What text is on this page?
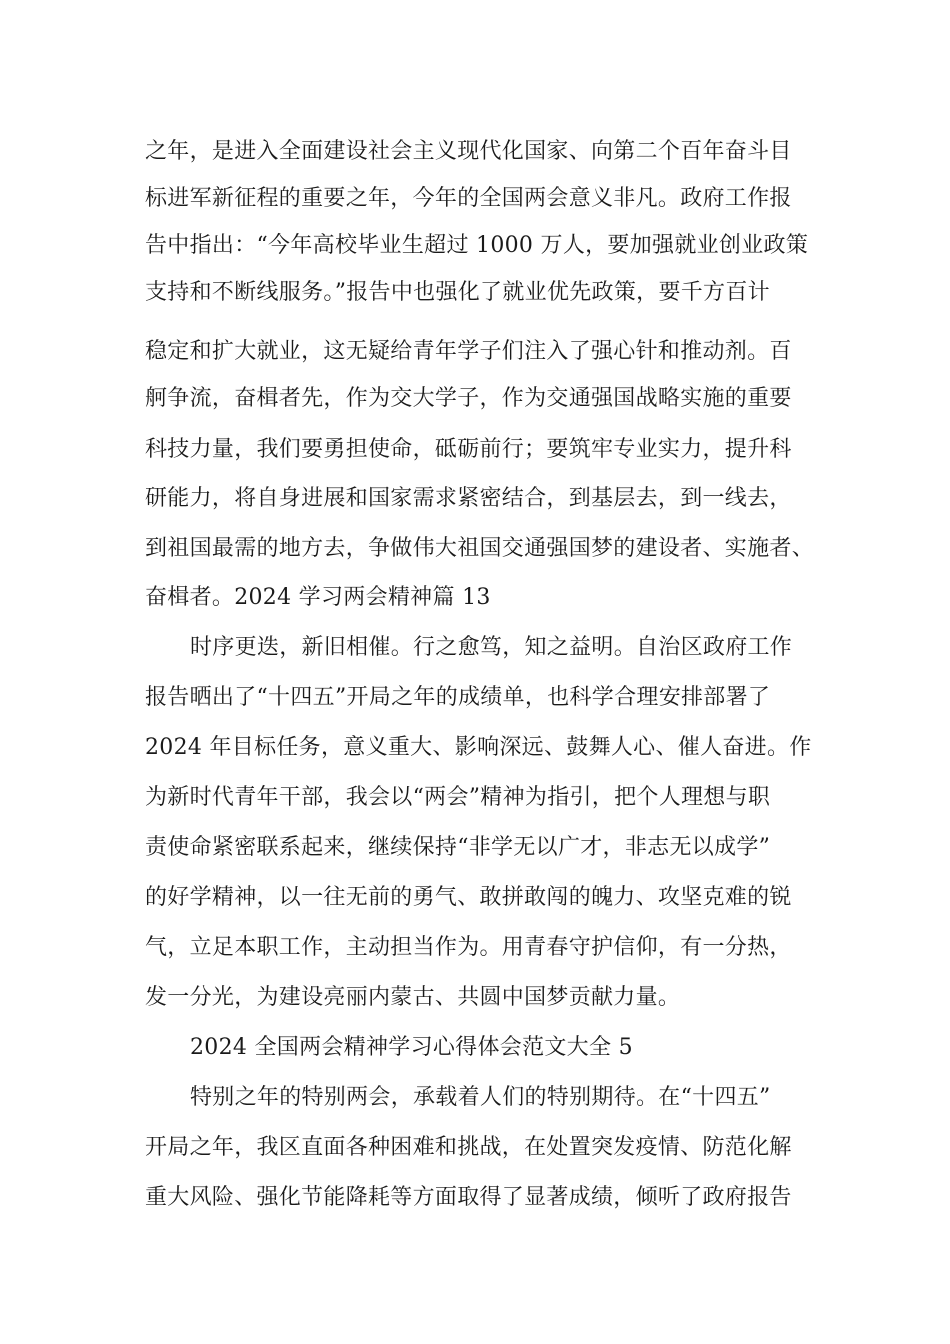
之年，是进入全面建设社会主义现代化国家、向第二个百年奋斗目
标进军新征程的重要之年，今年的全国两会意义非凡。政府工作报
告中指出：“今年高校毕业生超过 1000 万人，要加强就业创业政策
支持和不断线服务。”报告中也强化了就业优先政策，要千方百计
稳定和扩大就业，这无疑给青年学子们注入了强心针和推动剂。百
舸争流，奋楫者先，作为交大学子，作为交通强国战略实施的重要
科技力量，我们要勇担使命，砥砺前行；要筑牢专业实力，提升科
研能力，将自身进展和国家需求紧密结合，到基层去，到一线去，
到祖国最需的地方去，争做伟大祖国交通强国梦的建设者、实施者、
奋楫者。2024 学习两会精神篇 13
时序更迭，新旧相催。行之愈笃，知之益明。自治区政府工作
报告晒出了“十四五”开局之年的成绩单，也科学合理安排部署了
2024 年目标任务，意义重大、影响深远、鼓舞人心、催人奋进。作
为新时代青年干部，我会以“两会”精神为指引，把个人理想与职
责使命紧密联系起来，继续保持“非学无以广才，非志无以成学”
的好学精神，以一往无前的勇气、敢拼敢闯的魄力、攻坚克难的锐
气，立足本职工作，主动担当作为。用青春守护信仰，有一分热，
发一分光，为建设亮丽内蒙古、共圆中国梦贡献力量。
2024 全国两会精神学习心得体会范文大全 5
特别之年的特别两会，承载着人们的特别期待。在“十四五”
开局之年，我区直面各种困难和挑战，在处置突发疫情、防范化解
重大风险、强化节能降耗等方面取得了显著成绩，倾听了政府报告
